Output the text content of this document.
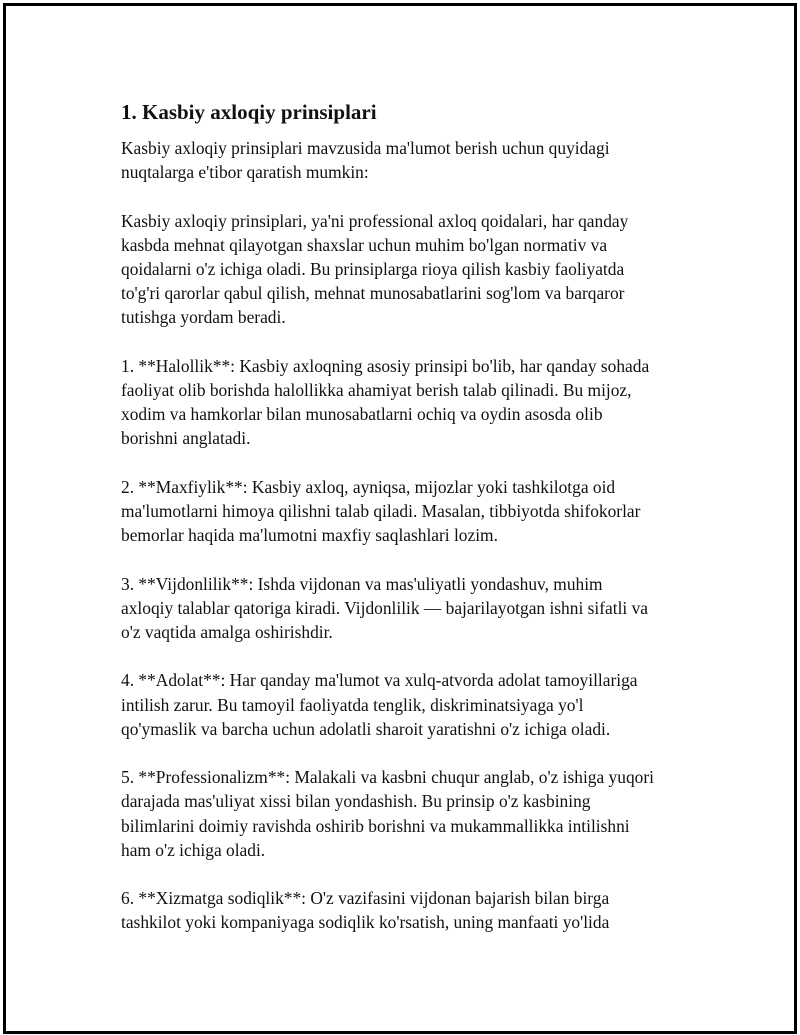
1. Kasbiy axloqiy prinsiplari

Kasbiy axloqiy prinsiplari mavzusida ma'lumot berish uchun quyidagi
nuqtalarga e'tibor qaratish mumkin:

Kasbiy axloqiy prinsiplari, ya'ni professional axloq qoidalari, har qanday
kasbda mehnat qilayotgan shaxslar uchun muhim bo'lgan normativ va
qoidalarni o'z ichiga oladi. Bu prinsiplarga rioya qilish kasbiy faoliyatda
to'g'ri qarorlar qabul qilish, mehnat munosabatlarini sog'lom va barqaror
tutishga yordam beradi.

1. **Halollik**: Kasbiy axloqning asosiy prinsipi bo'lib, har qanday sohada
faoliyat olib borishda halollikka ahamiyat berish talab qilinadi. Bu mijoz,
xodim va hamkorlar bilan munosabatlarni ochiq va oydin asosda olib
borishni anglatadi.

2. **Maxfiylik**: Kasbiy axloq, ayniqsa, mijozlar yoki tashkilotga oid
ma'lumotlarni himoya qilishni talab qiladi. Masalan, tibbiyotda shifokorlar
bemorlar haqida ma'lumotni maxfiy saqlashlari lozim.

3. **Vijdonlilik**: Ishda vijdonan va mas'uliyatli yondashuv, muhim
axloqiy talablar qatoriga kiradi. Vijdonlilik — bajarilayotgan ishni sifatli va
o'z vaqtida amalga oshirishdir.

4. **Adolat**: Har qanday ma'lumot va xulq-atvorda adolat tamoyillariga
intilish zarur. Bu tamoyil faoliyatda tenglik, diskriminatsiyaga yo'l
qo'ymaslik va barcha uchun adolatli sharoit yaratishni o'z ichiga oladi.

5. **Professionalizm**: Malakali va kasbni chuqur anglab, o'z ishiga yuqori
darajada mas'uliyat xissi bilan yondashish. Bu prinsip o'z kasbining
bilimlarini doimiy ravishda oshirib borishni va mukammallikka intilishni
ham o'z ichiga oladi.

6. **Xizmatga sodiqlik**: O'z vazifasini vijdonan bajarish bilan birga
tashkilot yoki kompaniyaga sodiqlik ko'rsatish, uning manfaati yo'lida
